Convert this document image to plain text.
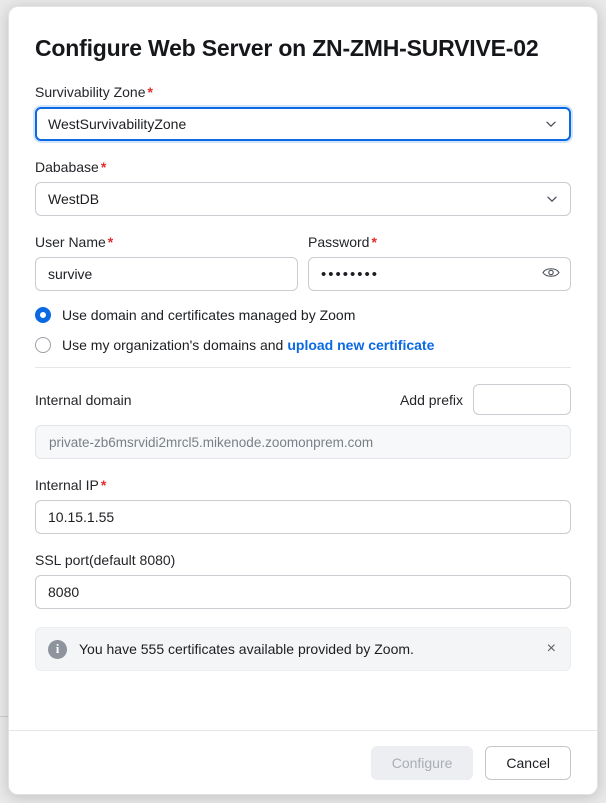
Configure Web Server on ZN-ZMH-SURVIVE-02
Survivability Zone *
WestSurvivabilityZone
Dababase *
WestDB
User Name *
survive
Password *
••••••••
Use domain and certificates managed by Zoom
Use my organization's domains and upload new certificate
Internal domain	Add prefix
private-zb6msrvidi2mrcl5.mikenode.zoomonprem.com
Internal IP *
10.15.1.55
SSL port(default 8080)
8080
i	You have 555 certificates available provided by Zoom.	×
Configure	Cancel
